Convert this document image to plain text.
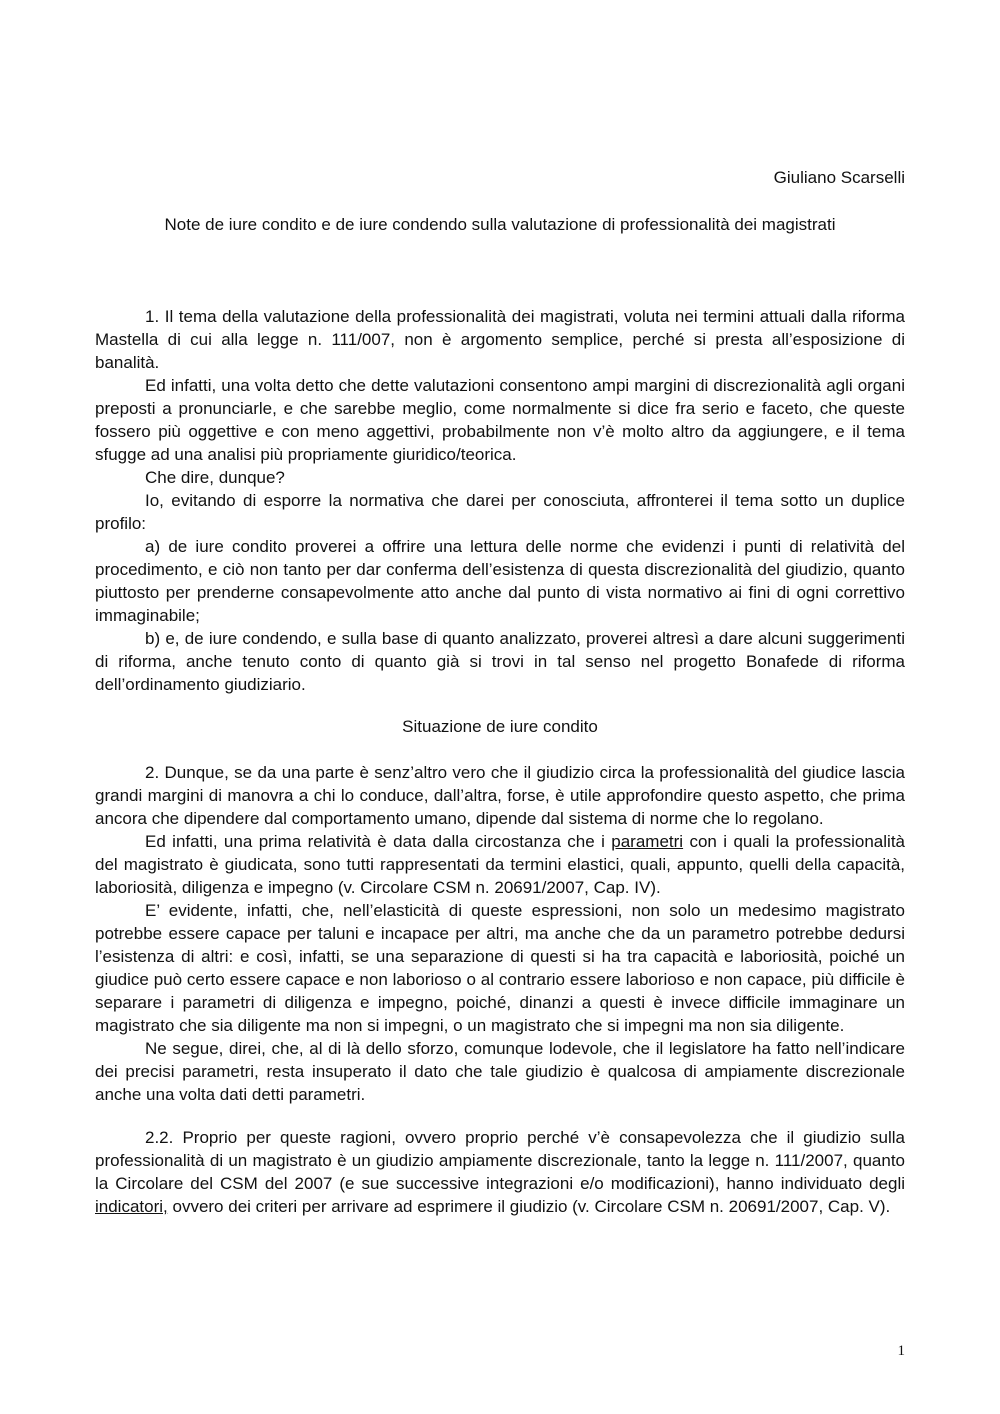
Giuliano Scarselli
Note de iure condito e de iure condendo sulla valutazione di professionalità dei magistrati

1. Il tema della valutazione della professionalità dei magistrati, voluta nei termini attuali dalla riforma Mastella di cui alla legge n. 111/007, non è argomento semplice, perché si presta all’esposizione di banalità.

Ed infatti, una volta detto che dette valutazioni consentono ampi margini di discrezionalità agli organi preposti a pronunciarle, e che sarebbe meglio, come normalmente si dice fra serio e faceto, che queste fossero più oggettive e con meno aggettivi, probabilmente non v’è molto altro da aggiungere, e il tema sfugge ad una analisi più propriamente giuridico/teorica.

Che dire, dunque?

Io, evitando di esporre la normativa che darei per conosciuta, affronterei il tema sotto un duplice profilo:

a) de iure condito proverei a offrire una lettura delle norme che evidenzi i punti di relatività del procedimento, e ciò non tanto per dar conferma dell’esistenza di questa discrezionalità del giudizio, quanto piuttosto per prenderne consapevolmente atto anche dal punto di vista normativo ai fini di ogni correttivo immaginabile;

b) e, de iure condendo, e sulla base di quanto analizzato, proverei altresì a dare alcuni suggerimenti di riforma, anche tenuto conto di quanto già si trovi in tal senso nel progetto Bonafede di riforma dell’ordinamento giudiziario.

Situazione de iure condito

2. Dunque, se da una parte è senz’altro vero che il giudizio circa la professionalità del giudice lascia grandi margini di manovra a chi lo conduce, dall’altra, forse, è utile approfondire questo aspetto, che prima ancora che dipendere dal comportamento umano, dipende dal sistema di norme che lo regolano.

Ed infatti, una prima relatività è data dalla circostanza che i parametri con i quali la professionalità del magistrato è giudicata, sono tutti rappresentati da termini elastici, quali, appunto, quelli della capacità, laboriosità, diligenza e impegno (v. Circolare CSM n. 20691/2007, Cap. IV).

E’ evidente, infatti, che, nell’elasticità di queste espressioni, non solo un medesimo magistrato potrebbe essere capace per taluni e incapace per altri, ma anche che da un parametro potrebbe dedursi l’esistenza di altri: e così, infatti, se una separazione di questi si ha tra capacità e laboriosità, poiché un giudice può certo essere capace e non laborioso o al contrario essere laborioso e non capace, più difficile è separare i parametri di diligenza e impegno, poiché, dinanzi a questi è invece difficile immaginare un magistrato che sia diligente ma non si impegni, o un magistrato che si impegni ma non sia diligente.

Ne segue, direi, che, al di là dello sforzo, comunque lodevole, che il legislatore ha fatto nell’indicare dei precisi parametri, resta insuperato il dato che tale giudizio è qualcosa di ampiamente discrezionale anche una volta dati detti parametri.

2.2. Proprio per queste ragioni, ovvero proprio perché v’è consapevolezza che il giudizio sulla professionalità di un magistrato è un giudizio ampiamente discrezionale, tanto la legge n. 111/2007, quanto la Circolare del CSM del 2007 (e sue successive integrazioni e/o modificazioni), hanno individuato degli indicatori, ovvero dei criteri per arrivare ad esprimere il giudizio (v. Circolare CSM n. 20691/2007, Cap. V).

1
